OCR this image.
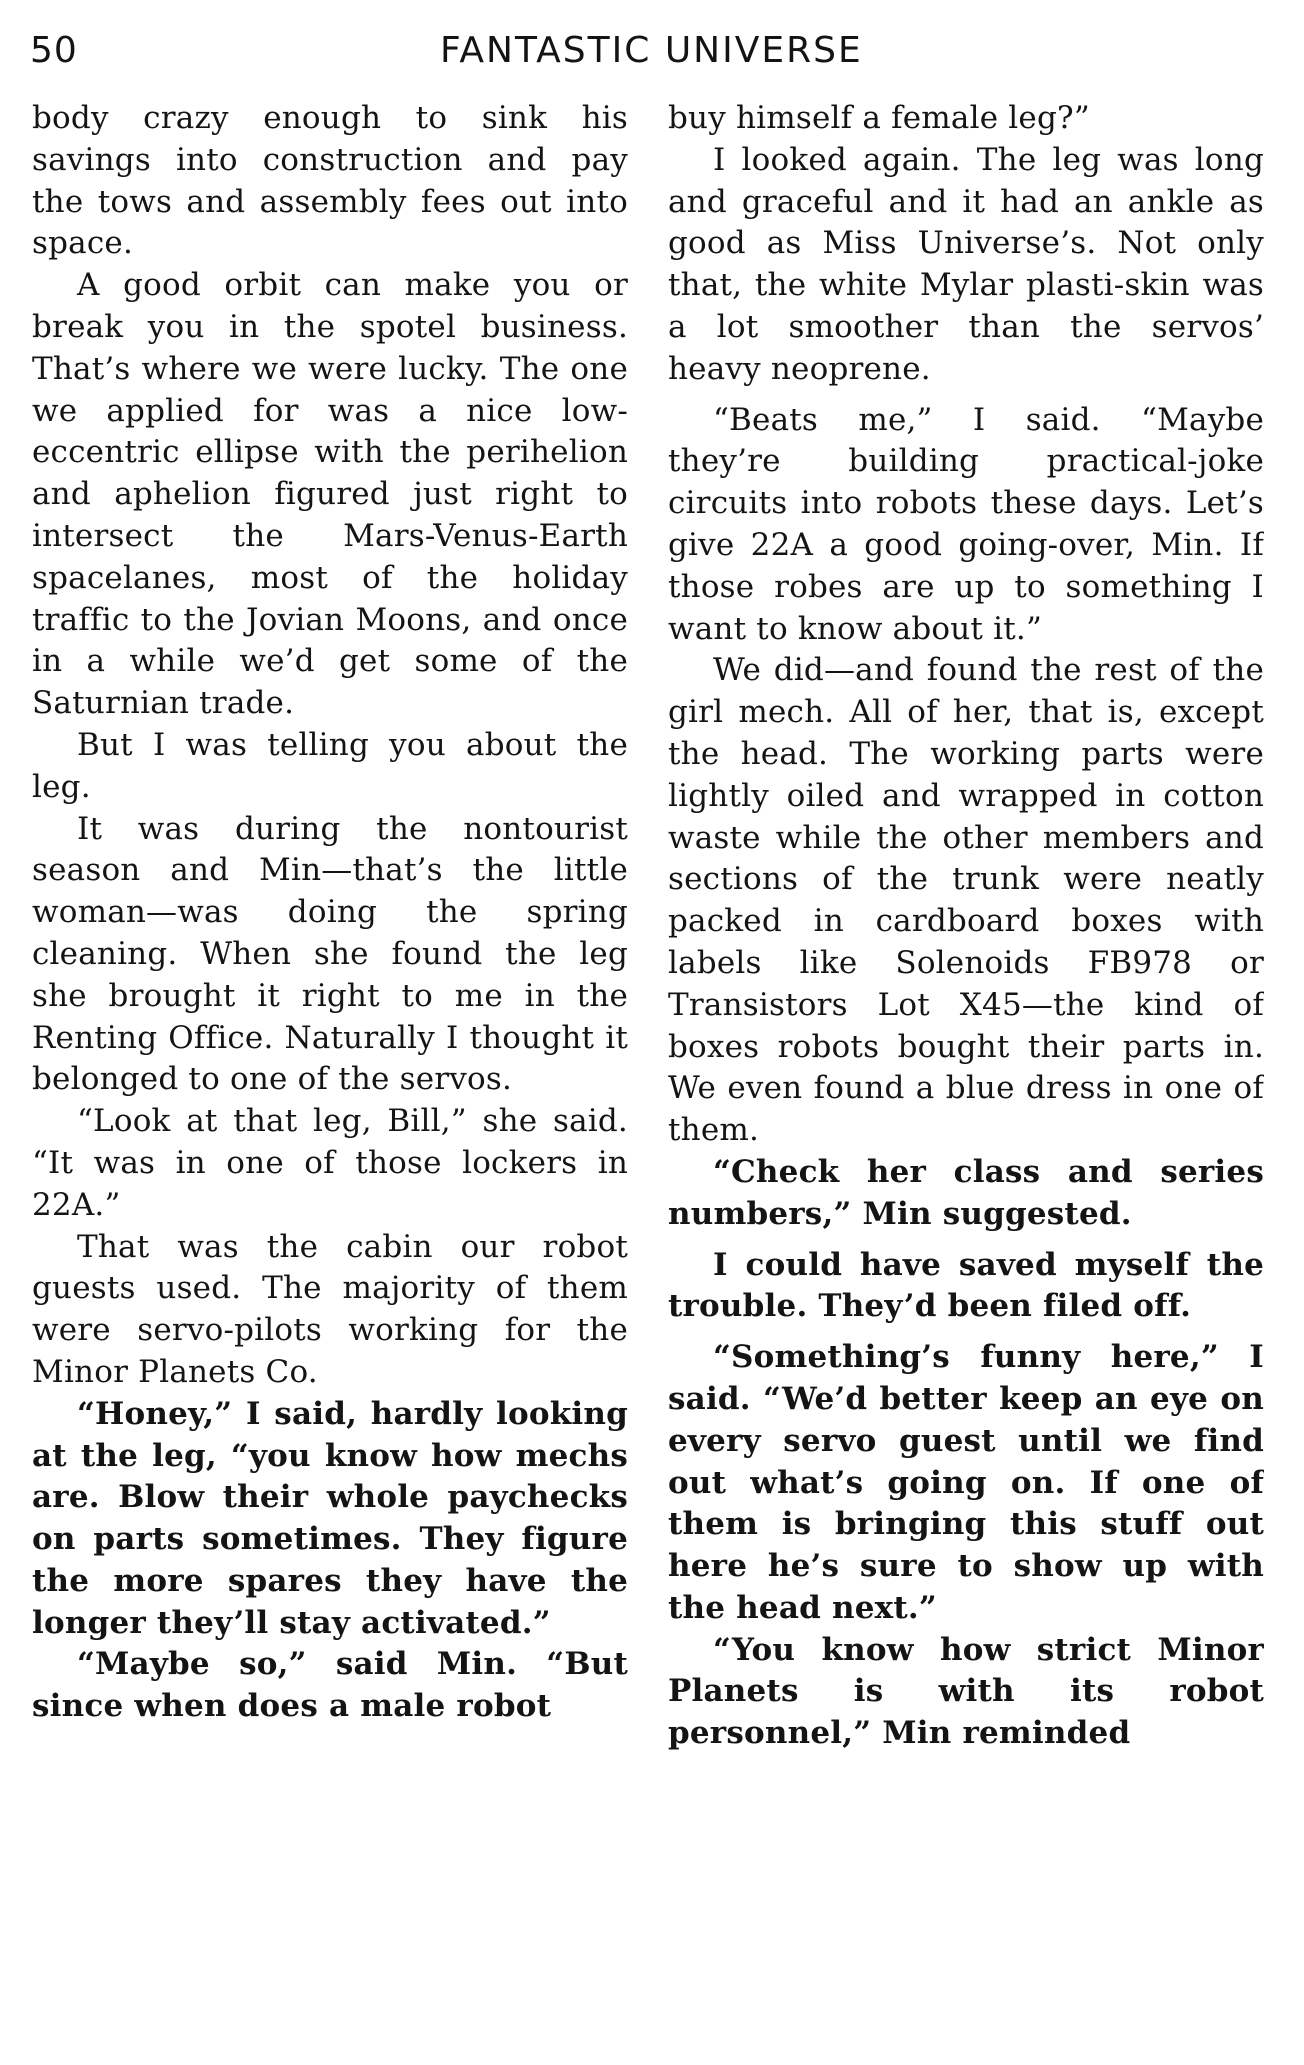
50	FANTASTIC UNIVERSE

body crazy enough to sink his savings into construction and pay the tows and assembly fees out into space.

A good orbit can make you or break you in the spotel business. That’s where we were lucky. The one we applied for was a nice low-eccentric ellipse with the perihelion and aphelion figured just right to intersect the Mars-Venus-Earth spacelanes, most of the holiday traffic to the Jovian Moons, and once in a while we’d get some of the Saturnian trade.

But I was telling you about the leg.

It was during the nontourist season and Min—that’s the little woman—was doing the spring cleaning. When she found the leg she brought it right to me in the Renting Office. Naturally I thought it belonged to one of the servos.

“Look at that leg, Bill,” she said. “It was in one of those lockers in 22A.”

That was the cabin our robot guests used. The majority of them were servo-pilots working for the Minor Planets Co.

“Honey,” I said, hardly looking at the leg, “you know how mechs are. Blow their whole paychecks on parts sometimes. They figure the more spares they have the longer they’ll stay activated.”

“Maybe so,” said Min. “But since when does a male robot

buy himself a female leg?”

I looked again. The leg was long and graceful and it had an ankle as good as Miss Universe’s. Not only that, the white Mylar plasti-skin was a lot smoother than the servos’ heavy neoprene.

“Beats me,” I said. “Maybe they’re building practical-joke circuits into robots these days. Let’s give 22A a good going-over, Min. If those robes are up to something I want to know about it.”

We did—and found the rest of the girl mech. All of her, that is, except the head. The working parts were lightly oiled and wrapped in cotton waste while the other members and sections of the trunk were neatly packed in cardboard boxes with labels like Solenoids FB978 or Transistors Lot X45—the kind of boxes robots bought their parts in. We even found a blue dress in one of them.

“Check her class and series numbers,” Min suggested.

I could have saved myself the trouble. They’d been filed off.

“Something’s funny here,” I said. “We’d better keep an eye on every servo guest until we find out what’s going on. If one of them is bringing this stuff out here he’s sure to show up with the head next.”

“You know how strict Minor Planets is with its robot personnel,” Min reminded
